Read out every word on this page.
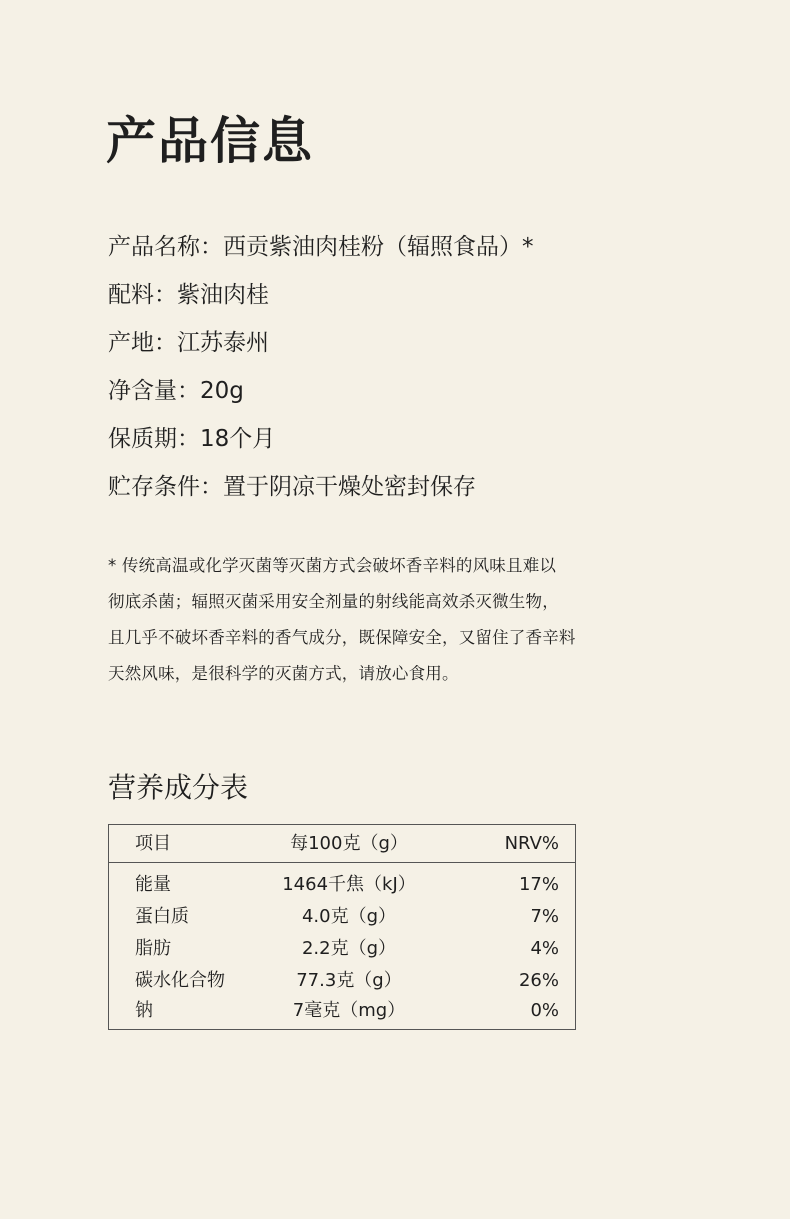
产品信息
产品名称：西贡紫油肉桂粉（辐照食品）*
配料：紫油肉桂
产地：江苏泰州
净含量：20g
保质期：18个月
贮存条件：置于阴凉干燥处密封保存

* 传统高温或化学灭菌等灭菌方式会破坏香辛料的风味且难以
彻底杀菌；辐照灭菌采用安全剂量的射线能高效杀灭微生物，
且几乎不破坏香辛料的香气成分，既保障安全，又留住了香辛料
天然风味，是很科学的灭菌方式，请放心食用。

营养成分表
项目	每100克（g）	NRV%
能量	1464千焦（kJ）	17%
蛋白质	4.0克（g）	7%
脂肪	2.2克（g）	4%
碳水化合物	77.3克（g）	26%
钠	7毫克（mg）	0%
